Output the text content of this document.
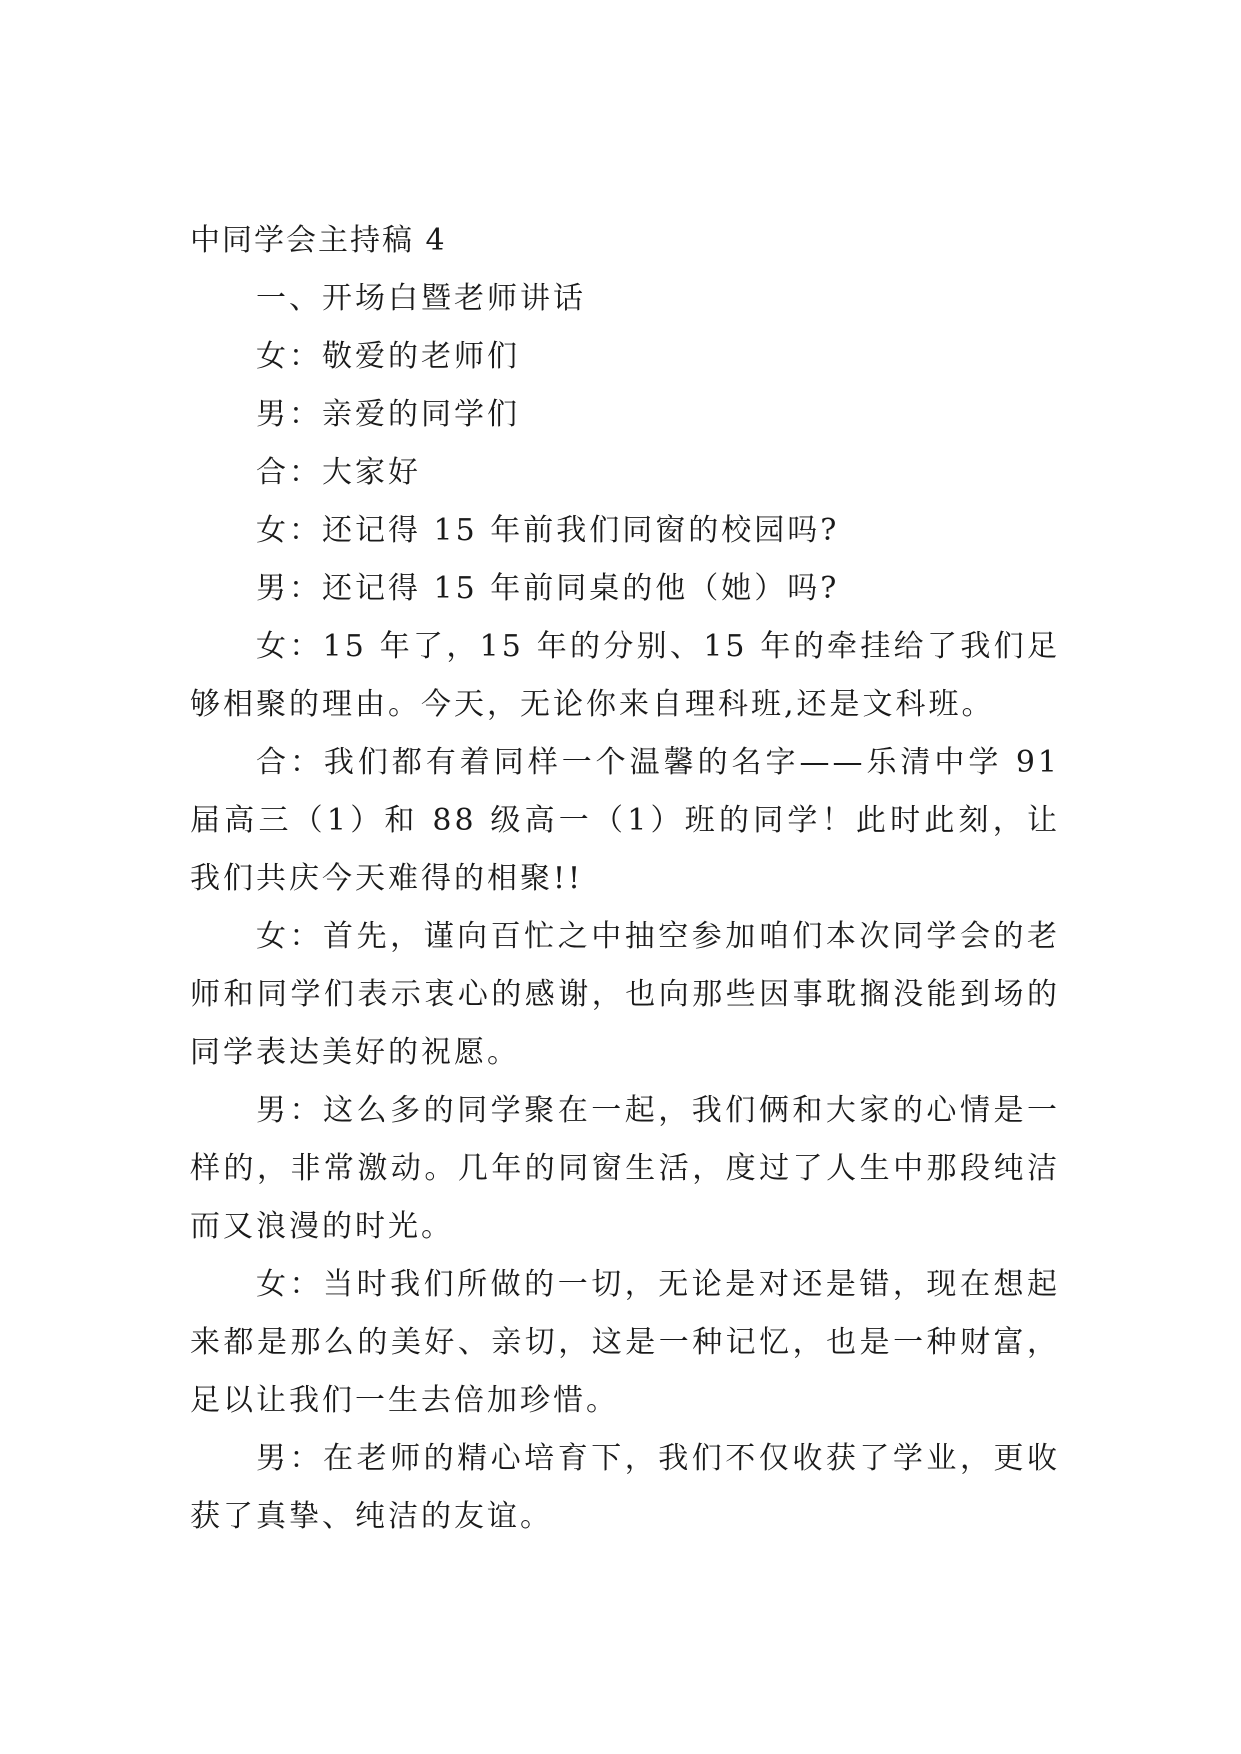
中同学会主持稿 4

一、开场白暨老师讲话

女：敬爱的老师们

男：亲爱的同学们

合：大家好

女：还记得 15 年前我们同窗的校园吗?

男：还记得 15 年前同桌的他（她）吗?

女：15 年了，15 年的分别、15 年的牵挂给了我们足够相聚的理由。今天，无论你来自理科班,还是文科班。

合：我们都有着同样一个温馨的名字——乐清中学 91 届高三（1）和 88 级高一（1）班的同学！此时此刻，让我们共庆今天难得的相聚!!

女：首先，谨向百忙之中抽空参加咱们本次同学会的老师和同学们表示衷心的感谢，也向那些因事耽搁没能到场的同学表达美好的祝愿。

男：这么多的同学聚在一起，我们俩和大家的心情是一样的，非常激动。几年的同窗生活，度过了人生中那段纯洁而又浪漫的时光。

女：当时我们所做的一切，无论是对还是错，现在想起来都是那么的美好、亲切，这是一种记忆，也是一种财富，足以让我们一生去倍加珍惜。

男：在老师的精心培育下，我们不仅收获了学业，更收获了真挚、纯洁的友谊。
